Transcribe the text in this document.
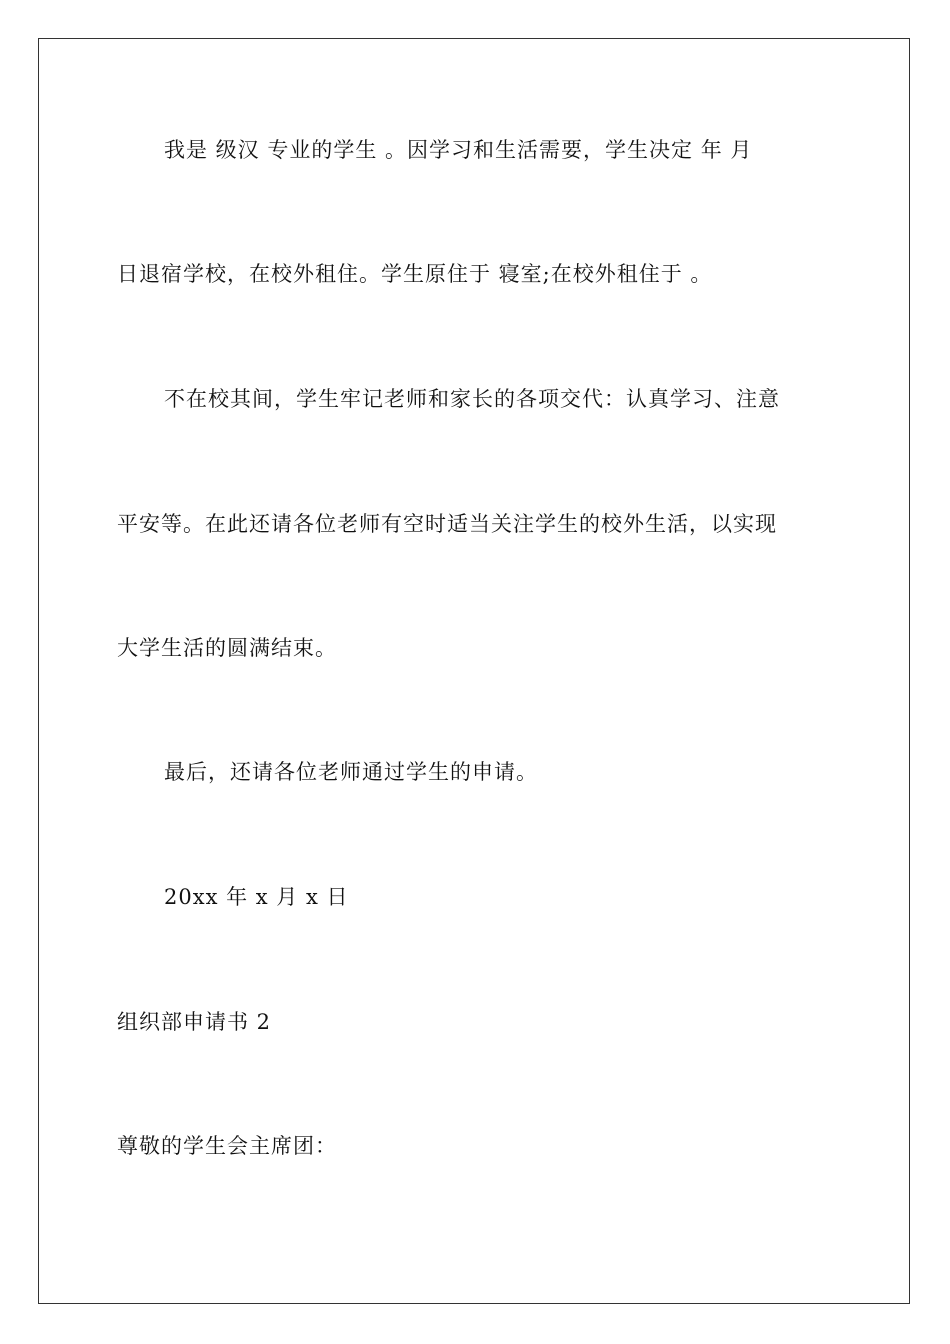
我是 级汉 专业的学生 。因学习和生活需要，学生决定 年 月
日退宿学校，在校外租住。学生原住于 寝室;在校外租住于 。
不在校其间，学生牢记老师和家长的各项交代：认真学习、注意
平安等。在此还请各位老师有空时适当关注学生的校外生活，以实现
大学生活的圆满结束。
最后，还请各位老师通过学生的申请。
20xx 年 x 月 x 日
组织部申请书 2
尊敬的学生会主席团：
